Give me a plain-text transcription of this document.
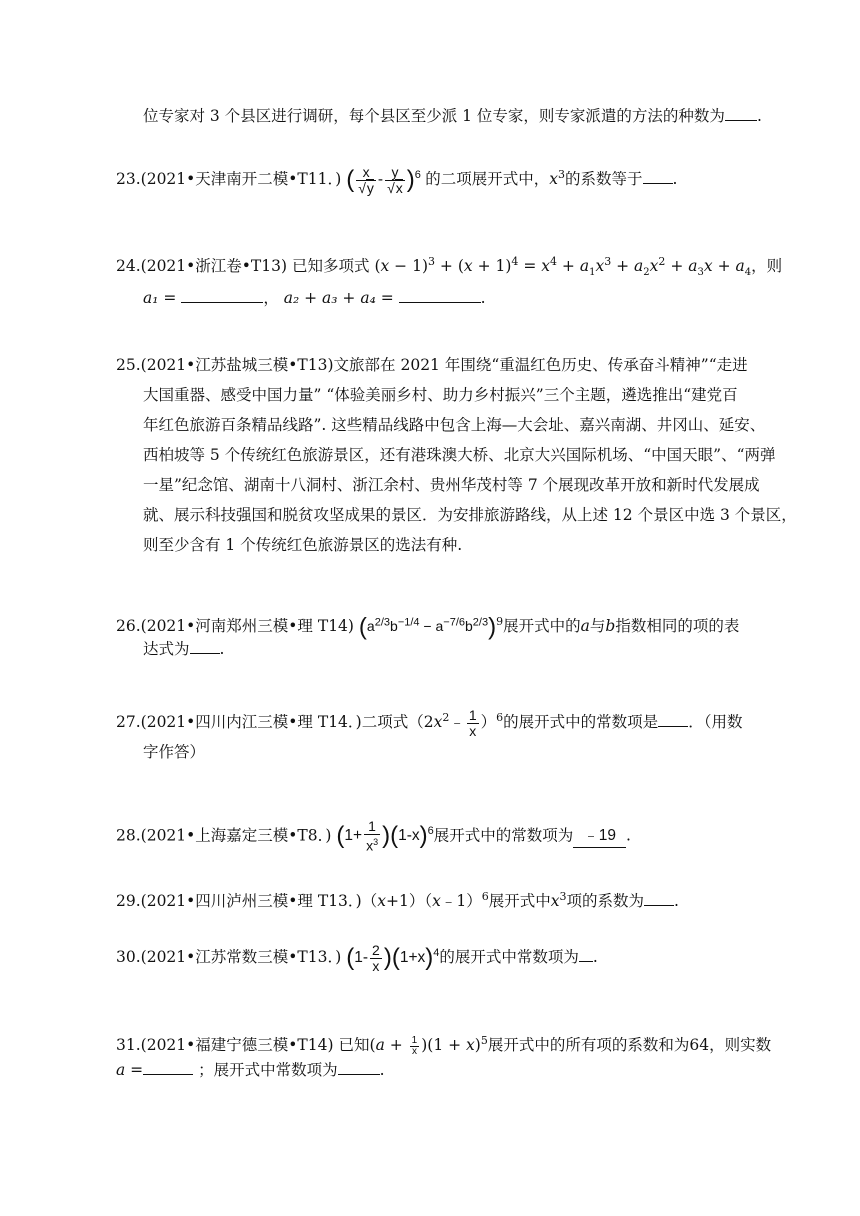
位专家对 3 个县区进行调研，每个县区至少派 1 位专家，则专家派遣的方法的种数为 .
23.(2021•天津南开二模•T11．) ( $\frac{x}{√y} - \frac{y}{√x} )^6$ 的二项展开式中，$x^3$的系数等于 .
24.(2021•浙江卷•T13) 已知多项式 $(x - 1)^3 + (x + 1)^4 = x^4 + a_1x^3 + a_2x^2 + a_3x + a_4$，则
a₁ =	， a₂ + a₃ + a₄ =	.
25.(2021•江苏盐城三模•T13)文旅部在 2021 年围绕“重温红色历史、传承奋斗精神”“走进
大国重器、感受中国力量” “体验美丽乡村、助力乡村振兴”三个主题，遴选推出“建党百
年红色旅游百条精品线路”. 这些精品线路中包含上海—大会址、嘉兴南湖、井冈山、延安、
西柏坡等 5 个传统红色旅游景区，还有港珠澳大桥、北京大兴国际机场、“中国天眼”、“两弹
一星”纪念馆、湖南十八洞村、浙江余村、贵州华茂村等 7 个展现改革开放和新时代发展成
就、展示科技强国和脱贫攻坚成果的景区．为安排旅游路线，从上述 12 个景区中选 3 个景区，
则至少含有 1 个传统红色旅游景区的选法有种.
26.(2021•河南郑州三模•理 T14) $(a^{2/3}b^{-1/4} - a^{-7/6}b^{2/3})^9$展开式中的a与b指数相同的项的表
达式为 .
27.(2021•四川内江三模•理 T14．)二项式$(2x^2﹣ \frac{1}{x} )^6$的展开式中的常数项是 ．（用数
字作答）
28.(2021•上海嘉定三模•T8．) $(1+ \frac{1}{x^3} )(1-x)^6$展开式中的常数项为 ﹣19 .
29.(2021•四川泸州三模•理 T13．)（x+1）（x﹣1）$^6$展开式中$x^3$项的系数为 .
30.(2021•江苏常数三模•T13．) $(1- \frac{2}{x} )(1+x)^4$的展开式中常数项为 .
31.(2021•福建宁德三模•T14) 已知$(a + \frac{1}{x} )(1 + x)^5$展开式中的所有项的系数和为64，则实数
a =	；展开式中常数项为	.
